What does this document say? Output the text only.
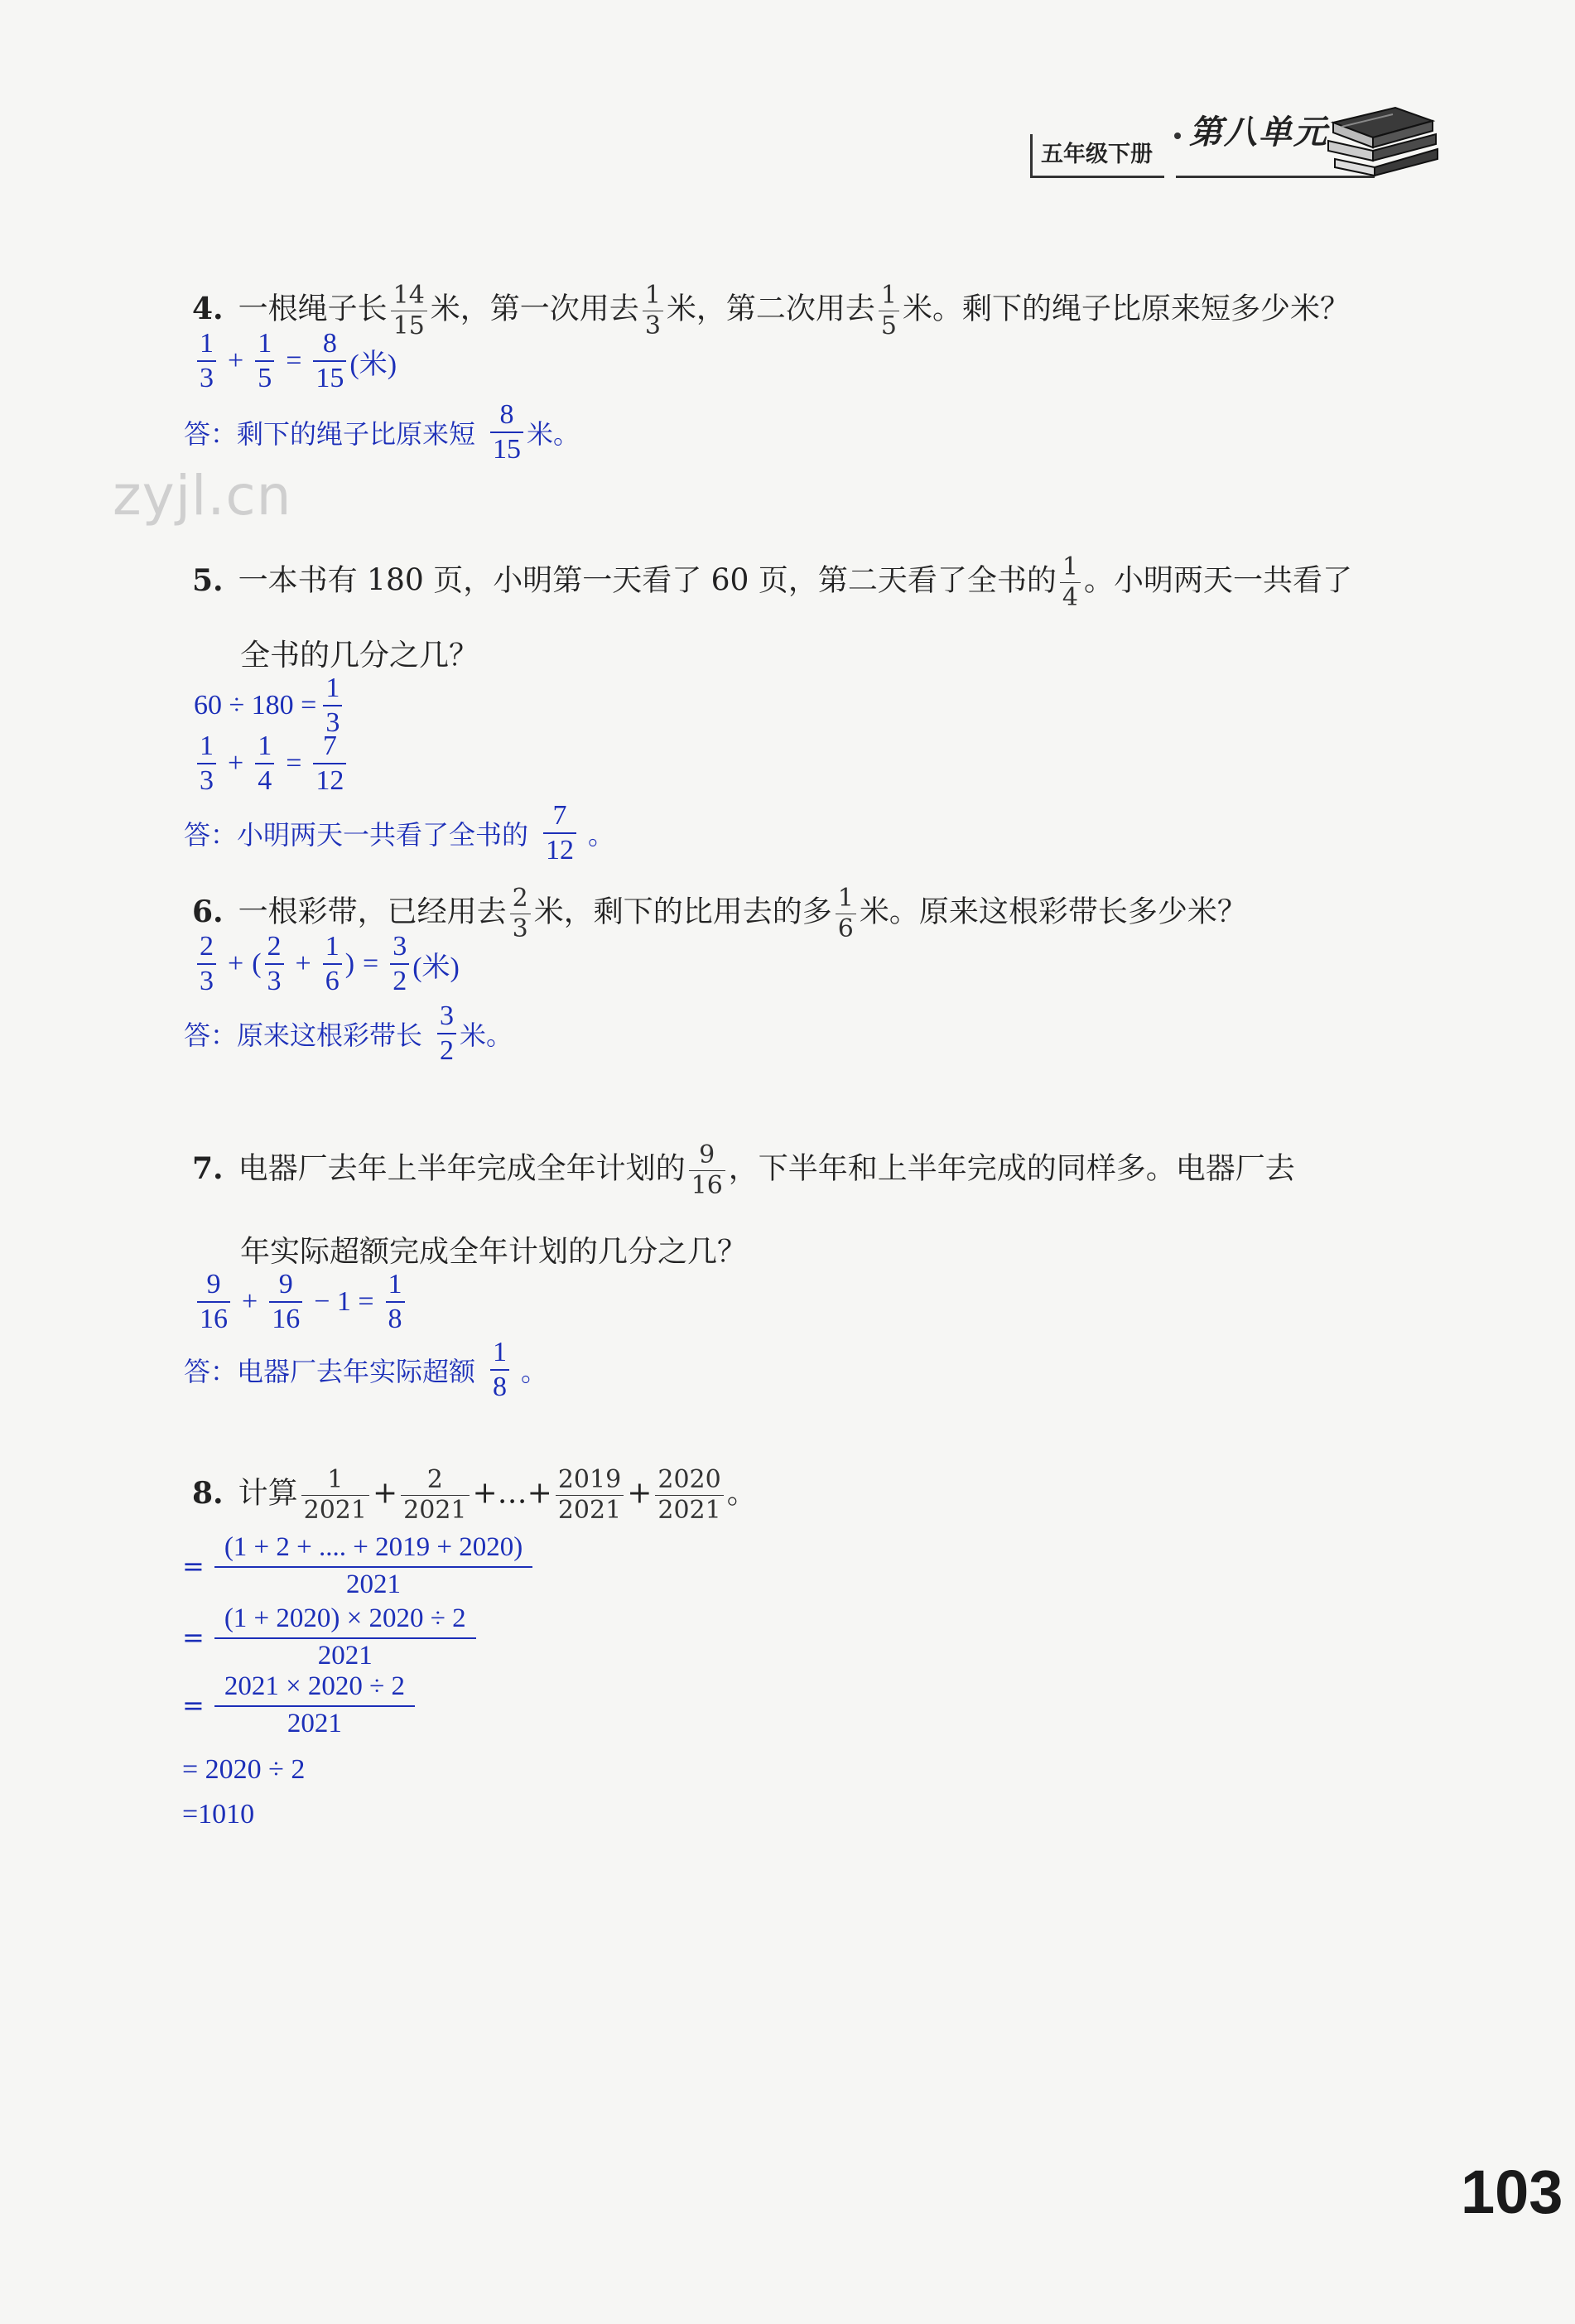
五年级下册
第八单元
4. 一根绳子长 $\frac{14}{15}$ 米，第一次用去 $\frac{1}{3}$ 米，第二次用去 $\frac{1}{5}$ 米。剩下的绳子比原来短多少米？
$\frac{1}{3} + \frac{1}{5} = \frac{8}{15}$ (米)
答：剩下的绳子比原来短 $\frac{8}{15}$ 米。
zyjl.cn
5. 一本书有 180 页，小明第一天看了 60 页，第二天看了全书的 $\frac{1}{4}$ 。小明两天一共看了
全书的几分之几？
$60 \div 180 = \frac{1}{3}$
$\frac{1}{3} + \frac{1}{4} = \frac{7}{12}$
答：小明两天一共看了全书的 $\frac{7}{12}$ 。
6. 一根彩带，已经用去 $\frac{2}{3}$ 米，剩下的比用去的多 $\frac{1}{6}$ 米。原来这根彩带长多少米？
$\frac{2}{3}$ + ( $\frac{2}{3} + \frac{1}{6}$ ) = $\frac{3}{2}$ (米)
答：原来这根彩带长 $\frac{3}{2}$ 米。
7. 电器厂去年上半年完成全年计划的 $\frac{9}{16}$ ，下半年和上半年完成的同样多。电器厂去
年实际超额完成全年计划的几分之几？
$\frac{9}{16} + \frac{9}{16} - 1 = \frac{1}{8}$
答：电器厂去年实际超额 $\frac{1}{8}$ 。
8. 计算 $\frac{1}{2021} + \frac{2}{2021}$ +…+ $\frac{2019}{2021} + \frac{2020}{2021}$ 。
= $\frac{(1 + 2 + .... + 2019 + 2020)}{2021}$
= $\frac{(1 + 2020) \times 2020 \div 2}{2021}$
= $\frac{2021 \times 2020 \div 2}{2021}$
= 2020 ÷ 2
=1010
103
